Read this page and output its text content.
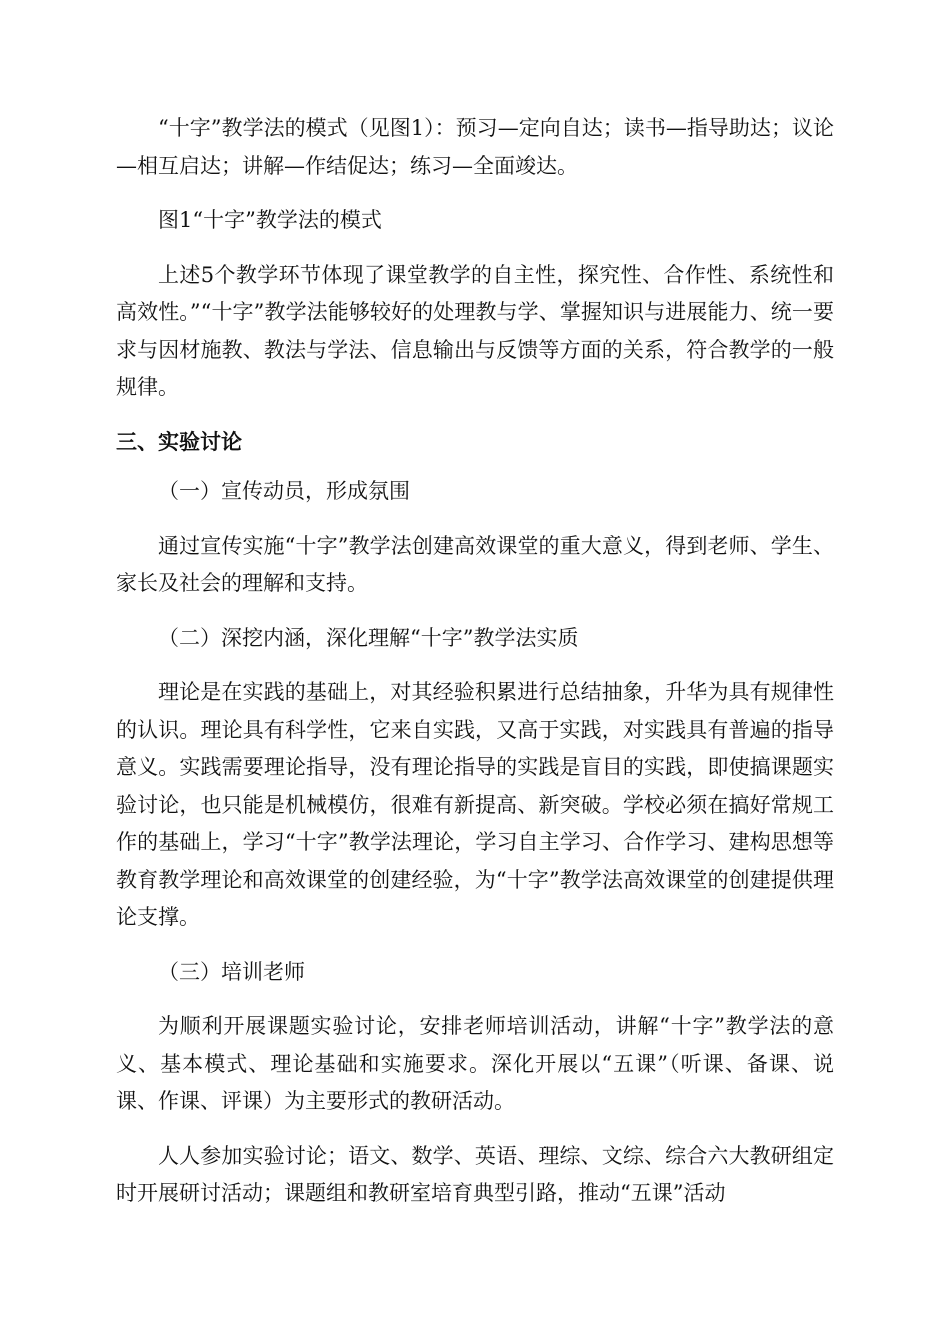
“十字”教学法的模式（见图1）：预习—定向自达；读书—指导助达；议论—相互启达；讲解—作结促达；练习—全面竣达。

图1“十字”教学法的模式

上述5个教学环节体现了课堂教学的自主性，探究性、合作性、系统性和高效性。”“十字”教学法能够较好的处理教与学、掌握知识与进展能力、统一要求与因材施教、教法与学法、信息输出与反馈等方面的关系，符合教学的一般规律。

三、实验讨论

（一）宣传动员，形成氛围

通过宣传实施“十字”教学法创建高效课堂的重大意义，得到老师、学生、家长及社会的理解和支持。

（二）深挖内涵，深化理解“十字”教学法实质

理论是在实践的基础上，对其经验积累进行总结抽象，升华为具有规律性的认识。理论具有科学性，它来自实践，又高于实践，对实践具有普遍的指导意义。实践需要理论指导，没有理论指导的实践是盲目的实践，即使搞课题实验讨论，也只能是机械模仿，很难有新提高、新突破。学校必须在搞好常规工作的基础上，学习“十字”教学法理论，学习自主学习、合作学习、建构思想等教育教学理论和高效课堂的创建经验，为“十字”教学法高效课堂的创建提供理论支撑。

（三）培训老师

为顺利开展课题实验讨论，安排老师培训活动，讲解“十字”教学法的意义、基本模式、理论基础和实施要求。深化开展以“五课”（听课、备课、说课、作课、评课）为主要形式的教研活动。

人人参加实验讨论；语文、数学、英语、理综、文综、综合六大教研组定时开展研讨活动；课题组和教研室培育典型引路，推动“五课”活动
